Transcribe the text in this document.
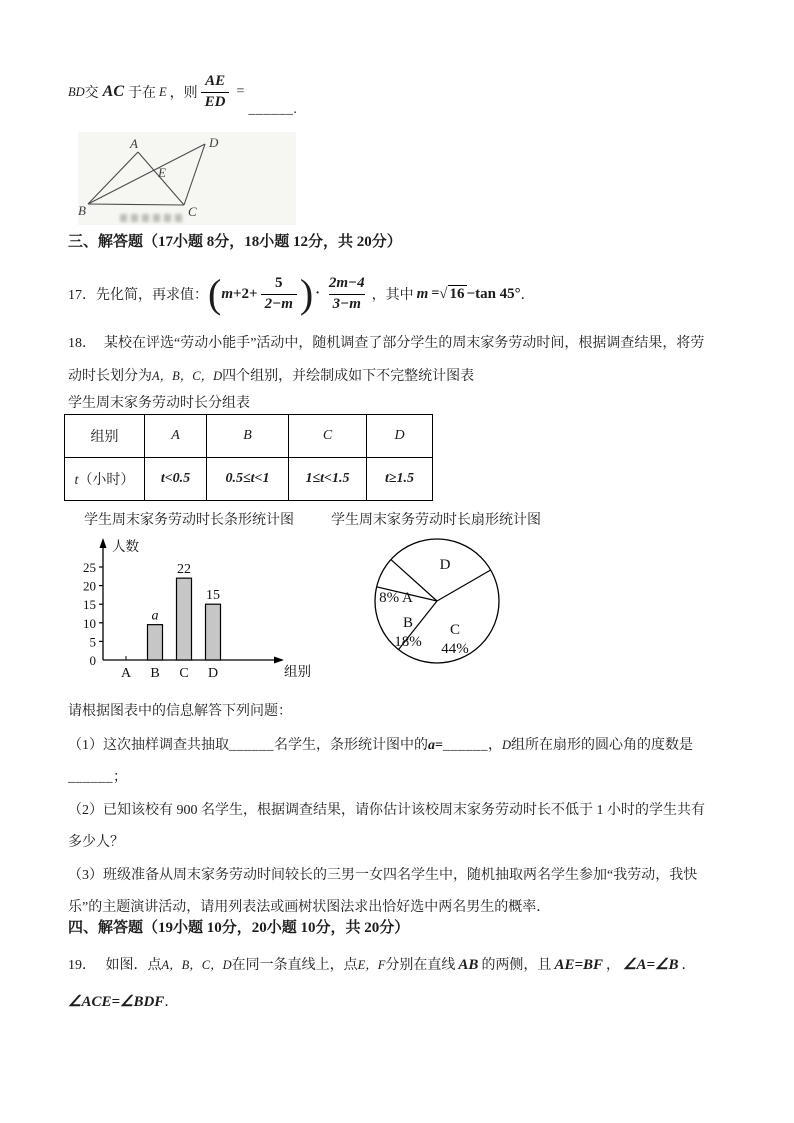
BD 交 AC 于在 E ，则 $\frac{AE}{ED}$ =
______ .
A	D
E
B	C
三、解答题（17小题 8分，18小题 12分，共 20分）
17． 先化简，再求值： ( $m +2+ \frac{5}{2-m}$ ) · $\frac{2m-4}{3-m}$ ，其中 m = √ 16 −tan 45° ．
18． 某校在评选“劳动小能手”活动中，随机调查了部分学生的周末家务劳动时间，根据调查结果，将劳
动时长划分为A，B，C，D四个组别，并绘制成如下不完整统计图表
学生周末家务劳动时长分组表
组别	A	B	C	D
t（小时）	t<0.5	0.5≤t<1	1≤t<1.5	t≥1.5
学生周末家务劳动时长条形统计图	学生周末家务劳动时长扇形统计图
0
5
10
15
20
25
人数
组别
A B C D
a
22
15
D
8% A
B 18%
C 44%
请根据图表中的信息解答下列问题：
（1）这次抽样调查共抽取______名学生，条形统计图中的a=______，D组所在扇形的圆心角的度数是
______；
（2）已知该校有 900 名学生，根据调查结果，请你估计该校周末家务劳动时长不低于 1 小时的学生共有
多少人？
（3）班级准备从周末家务劳动时间较长的三男一女四名学生中，随机抽取两名学生参加“我劳动，我快
乐”的主题演讲活动，请用列表法或画树状图法求出恰好选中两名男生的概率．
四、解答题（19小题 10分，20小题 10分，共 20分）
19． 如图．点A，B，C，D在同一条直线上，点E，F分别在直线 AB 的两侧，且 AE=BF ， ∠A=∠B ．
∠ACE=∠BDF．
